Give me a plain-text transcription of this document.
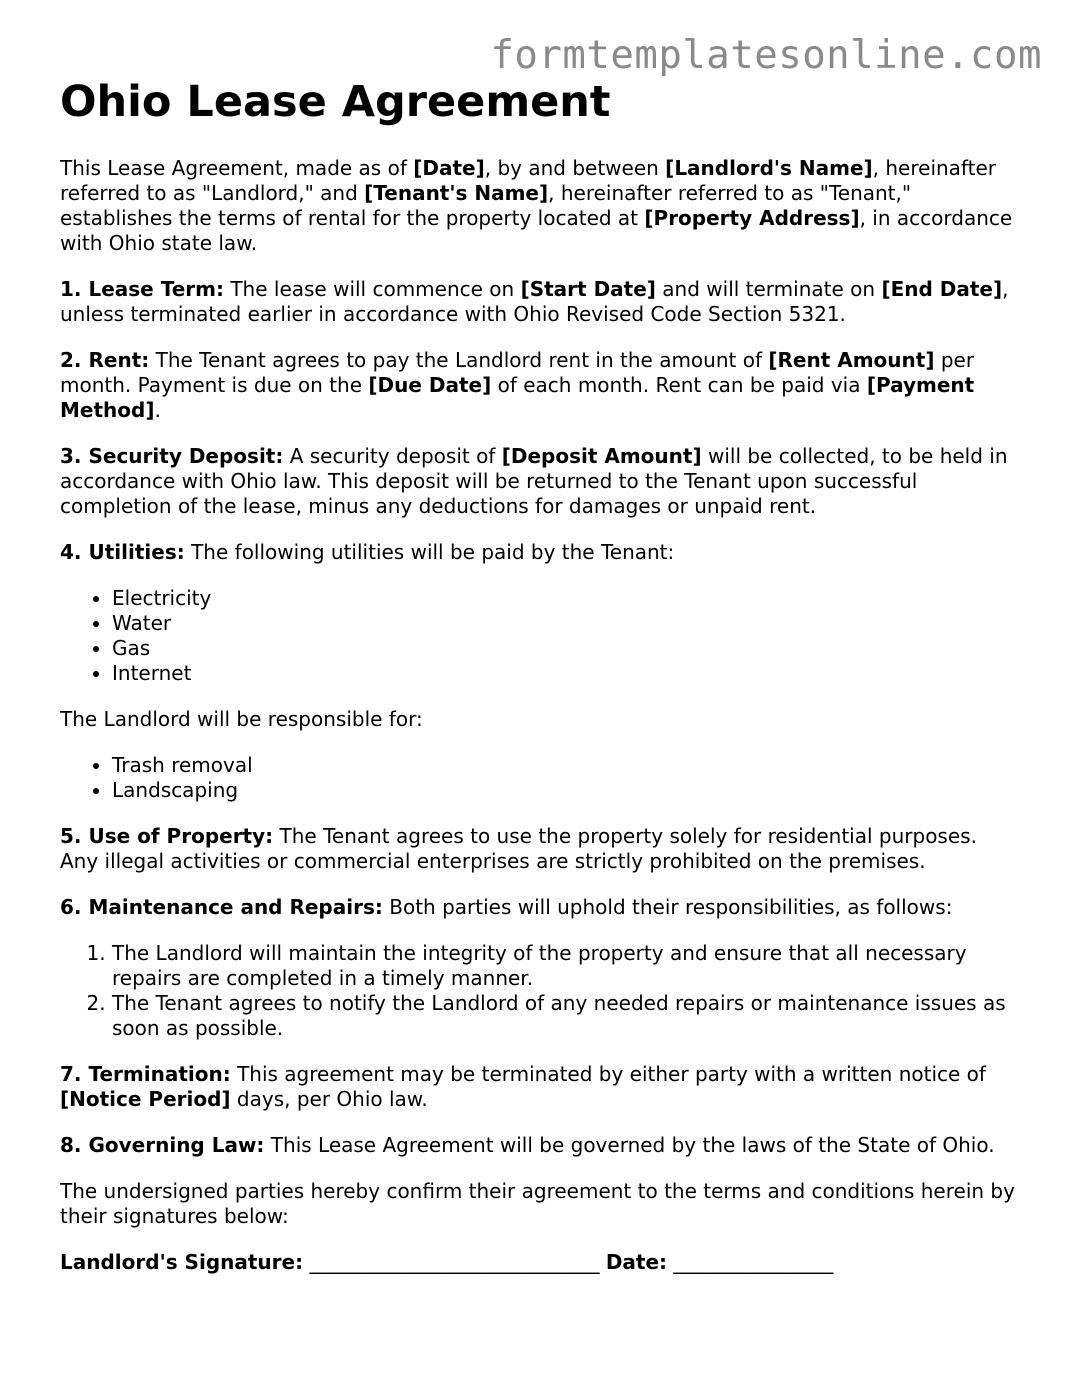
formtemplatesonline.com
Ohio Lease Agreement

This Lease Agreement, made as of [Date], by and between [Landlord's Name], hereinafter referred to as "Landlord," and [Tenant's Name], hereinafter referred to as "Tenant," establishes the terms of rental for the property located at [Property Address], in accordance with Ohio state law.

1. Lease Term: The lease will commence on [Start Date] and will terminate on [End Date], unless terminated earlier in accordance with Ohio Revised Code Section 5321.

2. Rent: The Tenant agrees to pay the Landlord rent in the amount of [Rent Amount] per month. Payment is due on the [Due Date] of each month. Rent can be paid via [Payment Method].

3. Security Deposit: A security deposit of [Deposit Amount] will be collected, to be held in accordance with Ohio law. This deposit will be returned to the Tenant upon successful completion of the lease, minus any deductions for damages or unpaid rent.

4. Utilities: The following utilities will be paid by the Tenant:

• Electricity
• Water
• Gas
• Internet

The Landlord will be responsible for:

• Trash removal
• Landscaping

5. Use of Property: The Tenant agrees to use the property solely for residential purposes. Any illegal activities or commercial enterprises are strictly prohibited on the premises.

6. Maintenance and Repairs: Both parties will uphold their responsibilities, as follows:

1. The Landlord will maintain the integrity of the property and ensure that all necessary repairs are completed in a timely manner.
2. The Tenant agrees to notify the Landlord of any needed repairs or maintenance issues as soon as possible.

7. Termination: This agreement may be terminated by either party with a written notice of [Notice Period] days, per Ohio law.

8. Governing Law: This Lease Agreement will be governed by the laws of the State of Ohio.

The undersigned parties hereby confirm their agreement to the terms and conditions herein by their signatures below:

Landlord's Signature: _____________________________ Date: ________________
